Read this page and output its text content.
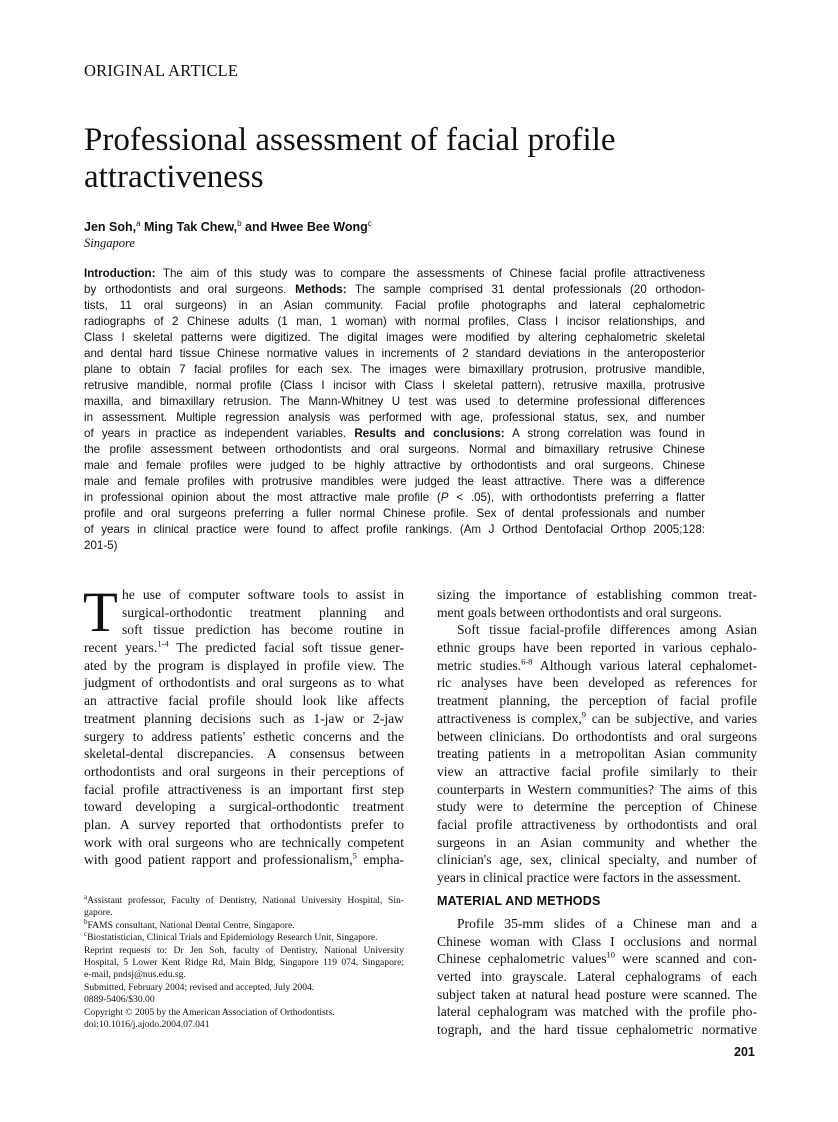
ORIGINAL ARTICLE
Professional assessment of facial profile
attractiveness
Jen Soh,$^a$ Ming Tak Chew,$^b$ and Hwee Bee Wong$^c$
Singapore
Introduction: The aim of this study was to compare the assessments of Chinese facial profile attractiveness
by orthodontists and oral surgeons. Methods: The sample comprised 31 dental professionals (20 orthodon-
tists, 11 oral surgeons) in an Asian community. Facial profile photographs and lateral cephalometric
radiographs of 2 Chinese adults (1 man, 1 woman) with normal profiles, Class I incisor relationships, and
Class I skeletal patterns were digitized. The digital images were modified by altering cephalometric skeletal
and dental hard tissue Chinese normative values in increments of 2 standard deviations in the anteroposterior
plane to obtain 7 facial profiles for each sex. The images were bimaxillary protrusion, protrusive mandible,
retrusive mandible, normal profile (Class I incisor with Class I skeletal pattern), retrusive maxilla, protrusive
maxilla, and bimaxillary retrusion. The Mann-Whitney U test was used to determine professional differences
in assessment. Multiple regression analysis was performed with age, professional status, sex, and number
of years in practice as independent variables. Results and conclusions: A strong correlation was found in
the profile assessment between orthodontists and oral surgeons. Normal and bimaxillary retrusive Chinese
male and female profiles were judged to be highly attractive by orthodontists and oral surgeons. Chinese
male and female profiles with protrusive mandibles were judged the least attractive. There was a difference
in professional opinion about the most attractive male profile (P < .05), with orthodontists preferring a flatter
profile and oral surgeons preferring a fuller normal Chinese profile. Sex of dental professionals and number
of years in clinical practice were found to affect profile rankings. (Am J Orthod Dentofacial Orthop 2005;128:
201-5)
T he use of computer software tools to assist in
surgical-orthodontic treatment planning and
soft tissue prediction has become routine in
recent years.$^{1-4}$ The predicted facial soft tissue gener-
ated by the program is displayed in profile view. The
judgment of orthodontists and oral surgeons as to what
an attractive facial profile should look like affects
treatment planning decisions such as 1-jaw or 2-jaw
surgery to address patients' esthetic concerns and the
skeletal-dental discrepancies. A consensus between
orthodontists and oral surgeons in their perceptions of
facial profile attractiveness is an important first step
toward developing a surgical-orthodontic treatment
plan. A survey reported that orthodontists prefer to
work with oral surgeons who are technically competent
with good patient rapport and professionalism,$^5$ empha-
sizing the importance of establishing common treat-
ment goals between orthodontists and oral surgeons.
Soft tissue facial-profile differences among Asian
ethnic groups have been reported in various cephalo-
metric studies.$^{6-8}$ Although various lateral cephalomet-
ric analyses have been developed as references for
treatment planning, the perception of facial profile
attractiveness is complex,$^9$ can be subjective, and varies
between clinicians. Do orthodontists and oral surgeons
treating patients in a metropolitan Asian community
view an attractive facial profile similarly to their
counterparts in Western communities? The aims of this
study were to determine the perception of Chinese
facial profile attractiveness by orthodontists and oral
surgeons in an Asian community and whether the
clinician's age, sex, clinical specialty, and number of
years in clinical practice were factors in the assessment.
MATERIAL AND METHODS
Profile 35-mm slides of a Chinese man and a
Chinese woman with Class I occlusions and normal
Chinese cephalometric values$^{10}$ were scanned and con-
verted into grayscale. Lateral cephalograms of each
subject taken at natural head posture were scanned. The
lateral cephalogram was matched with the profile pho-
tograph, and the hard tissue cephalometric normative
$^a$Assistant professor, Faculty of Dentistry, National University Hospital, Sin-
gapore.
$^b$FAMS consultant, National Dental Centre, Singapore.
$^c$Biostatistician, Clinical Trials and Epidemiology Research Unit, Singapore.
Reprint requests to: Dr Jen Soh, faculty of Dentistry, National University
Hospital, 5 Lower Kent Ridge Rd, Main Bldg, Singapore 119 074, Singapore;
e-mail, pndsj@nus.edu.sg.
Submitted, February 2004; revised and accepted, July 2004.
0889-5406/$30.00
Copyright © 2005 by the American Association of Orthodontists.
doi:10.1016/j.ajodo.2004.07.041
201
